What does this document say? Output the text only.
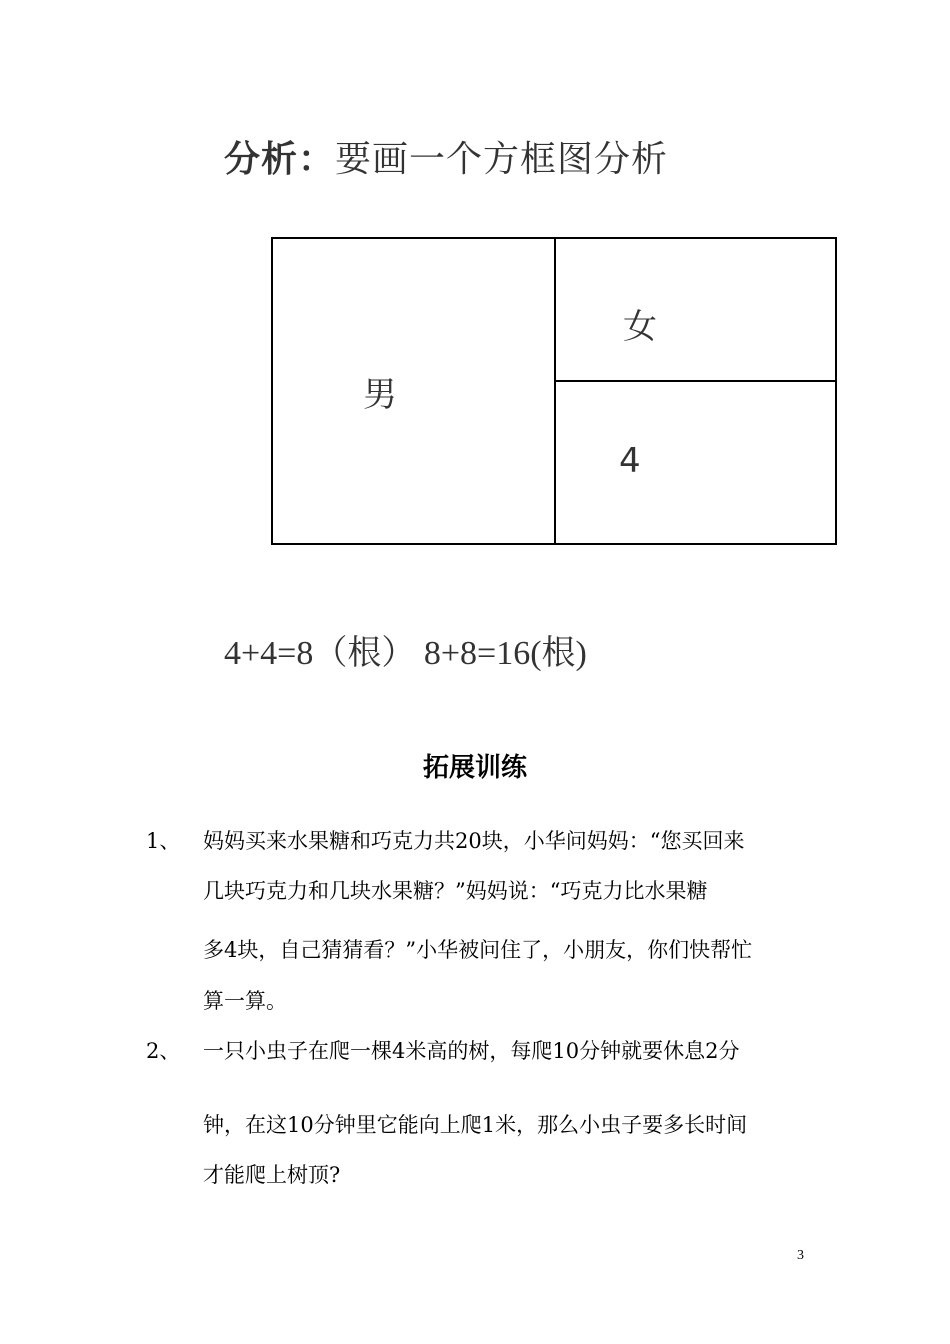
分析：要画一个方框图分析
男
女
4
4+4=8（根） 8+8=16(根)
拓展训练
1、 妈妈买来水果糖和巧克力共20块，小华问妈妈：“您买回来
几块巧克力和几块水果糖？”妈妈说：“巧克力比水果糖
多4块，自己猜猜看？”小华被问住了，小朋友，你们快帮忙
算一算。
2、 一只小虫子在爬一棵4米高的树，每爬10分钟就要休息2分
钟，在这10分钟里它能向上爬1米，那么小虫子要多长时间
才能爬上树顶?
3
